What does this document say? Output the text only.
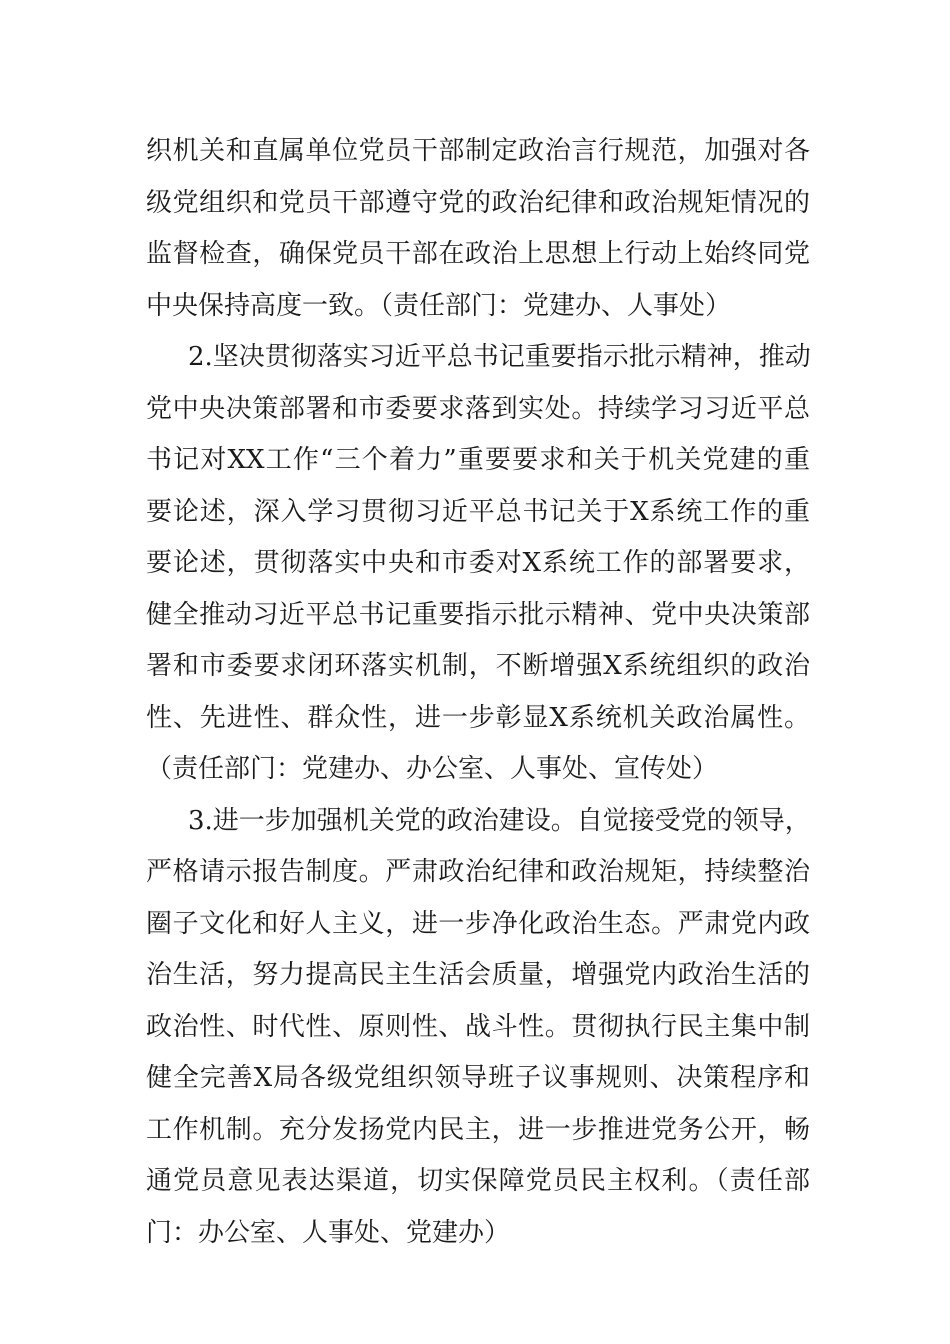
织机关和直属单位党员干部制定政治言行规范，加强对各
级党组织和党员干部遵守党的政治纪律和政治规矩情况的
监督检查，确保党员干部在政治上思想上行动上始终同党
中央保持高度一致。（责任部门：党建办、人事处）
2.坚决贯彻落实习近平总书记重要指示批示精神，推动
党中央决策部署和市委要求落到实处。持续学习习近平总
书记对XX工作“三个着力”重要要求和关于机关党建的重
要论述，深入学习贯彻习近平总书记关于X系统工作的重
要论述，贯彻落实中央和市委对X系统工作的部署要求，
健全推动习近平总书记重要指示批示精神、党中央决策部
署和市委要求闭环落实机制，不断增强X系统组织的政治
性、先进性、群众性，进一步彰显X系统机关政治属性。
（责任部门：党建办、办公室、人事处、宣传处）
3.进一步加强机关党的政治建设。自觉接受党的领导，
严格请示报告制度。严肃政治纪律和政治规矩，持续整治
圈子文化和好人主义，进一步净化政治生态。严肃党内政
治生活，努力提高民主生活会质量，增强党内政治生活的
政治性、时代性、原则性、战斗性。贯彻执行民主集中制
健全完善X局各级党组织领导班子议事规则、决策程序和
工作机制。充分发扬党内民主，进一步推进党务公开，畅
通党员意见表达渠道，切实保障党员民主权利。（责任部
门：办公室、人事处、党建办）
